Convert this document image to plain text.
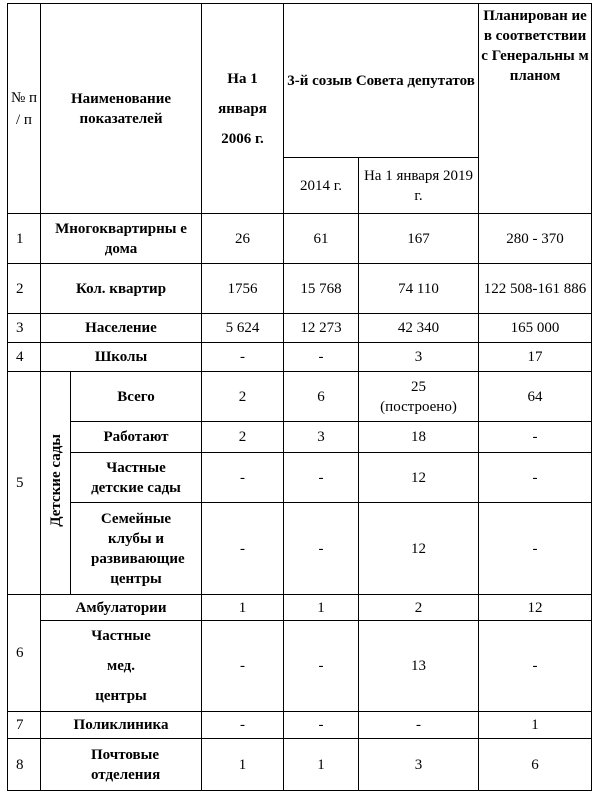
№ п / п	Наименование показателей		На 1 января 2006 г.	3-й созыв Совета депутатов		Планирован ие в соответствии с Генеральны м планом
				2014 г.	На 1 января 2019 г.	
1	Многоквартирны е дома		26	61	167	280 - 370
2	Кол. квартир		1756	15 768	74 110	122 508-161 886
3	Население		5 624	12 273	42 340	165 000
4	Школы		-	-	3	17
5	Детские сады	Всего	2	6	25 (построено)	64
		Работают	2	3	18	-
		Частные детские сады	-	-	12	-
		Семейные клубы и развивающие центры	-	-	12	-
6	Амбулатории		1	1	2	12
	Частные мед. центры		-	-	13	-
7	Поликлиника		-	-	-	1
8	Почтовые отделения		1	1	3	6
